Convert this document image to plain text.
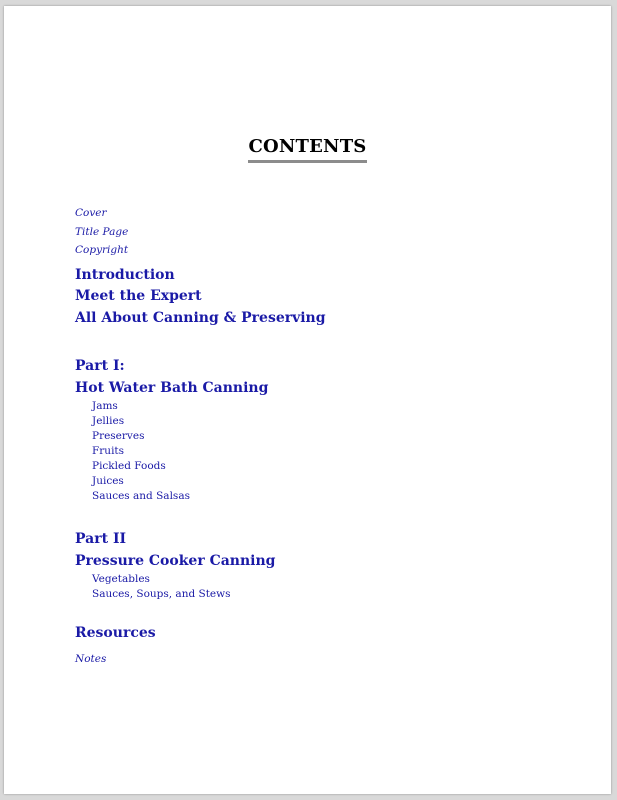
CONTENTS
Cover
Title Page
Copyright
Introduction
Meet the Expert
All About Canning & Preserving
Part I:
Hot Water Bath Canning
Jams
Jellies
Preserves
Fruits
Pickled Foods
Juices
Sauces and Salsas
Part II
Pressure Cooker Canning
Vegetables
Sauces, Soups, and Stews
Resources
Notes
